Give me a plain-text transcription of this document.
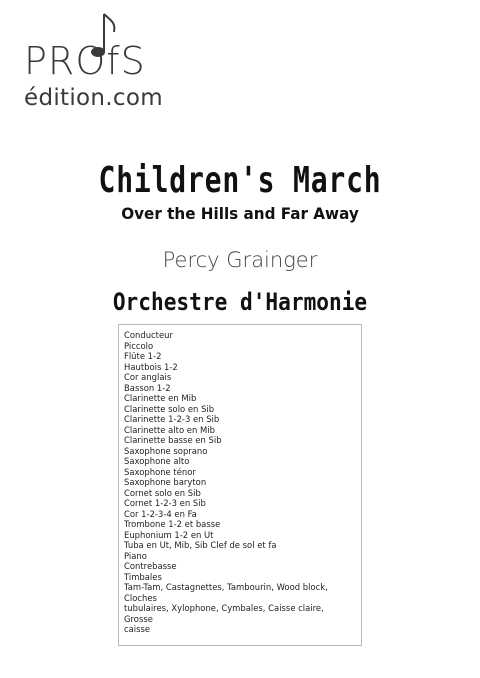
PROfS
édition.com
Children's March
Over the Hills and Far Away
Percy Grainger
Orchestre d'Harmonie
Conducteur
Piccolo
Flûte 1-2
Hautbois 1-2
Cor anglais
Basson 1-2
Clarinette en Mib
Clarinette solo en Sib
Clarinette 1-2-3 en Sib
Clarinette alto en Mib
Clarinette basse en Sib
Saxophone soprano
Saxophone alto
Saxophone ténor
Saxophone baryton
Cornet solo en Sib
Cornet 1-2-3 en Sib
Cor 1-2-3-4 en Fa
Trombone 1-2 et basse
Euphonium 1-2 en Ut
Tuba en Ut, Mib, Sib Clef de sol et fa
Piano
Contrebasse
Timbales
Tam-Tam, Castagnettes, Tambourin, Wood block, Cloches
tubulaires, Xylophone, Cymbales, Caisse claire, Grosse
caisse
